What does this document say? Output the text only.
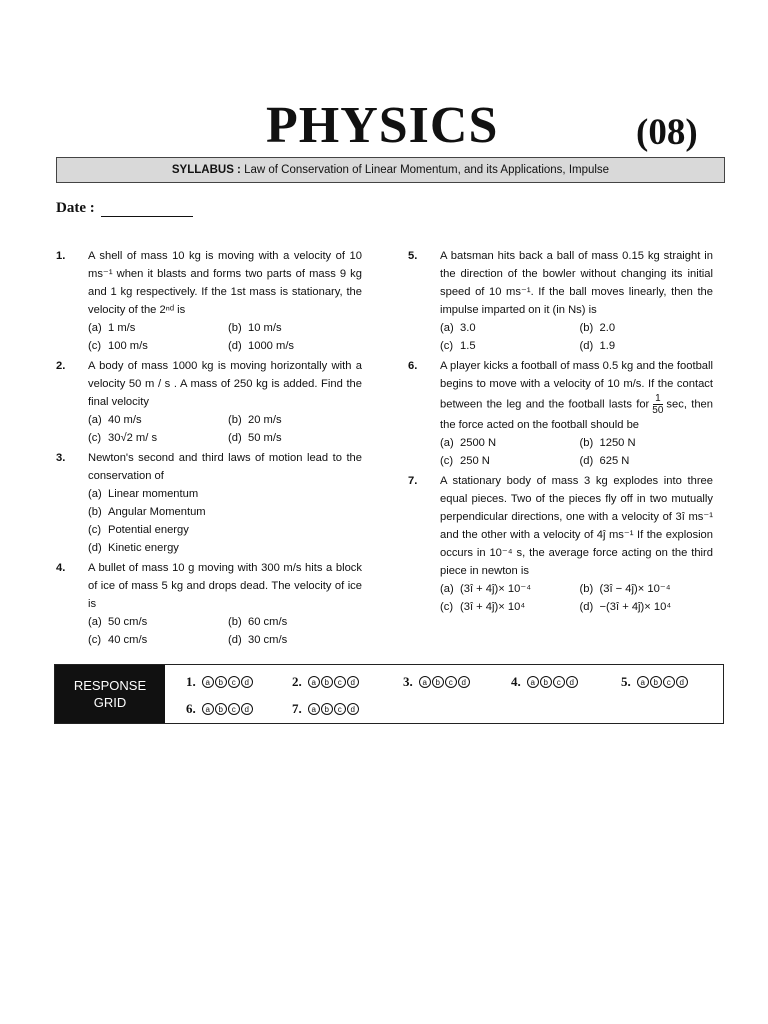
PHYSICS	(08)
SYLLABUS : Law of Conservation of Linear Momentum, and its Applications, Impulse
Date :
1. A shell of mass 10 kg is moving with a velocity of 10 ms⁻¹ when it blasts and forms two parts of mass 9 kg and 1 kg respectively. If the 1st mass is stationary, the velocity of the 2ⁿᵈ is
(a) 1 m/s	(b) 10 m/s
(c) 100 m/s	(d) 1000 m/s
2. A body of mass 1000 kg is moving horizontally with a velocity 50 m / s . A mass of 250 kg is added. Find the final velocity
(a) 40 m/s	(b) 20 m/s
(c) 30√2 m/ s	(d) 50 m/s
3. Newton's second and third laws of motion lead to the conservation of
(a) Linear momentum
(b) Angular Momentum
(c) Potential energy
(d) Kinetic energy
4. A bullet of mass 10 g moving with 300 m/s hits a block of ice of mass 5 kg and drops dead. The velocity of ice is
(a) 50 cm/s	(b) 60 cm/s
(c) 40 cm/s	(d) 30 cm/s
5. A batsman hits back a ball of mass 0.15 kg straight in the direction of the bowler without changing its initial speed of 10 ms⁻¹. If the ball moves linearly, then the impulse imparted on it (in Ns) is
(a) 3.0	(b) 2.0
(c) 1.5	(d) 1.9
6. A player kicks a football of mass 0.5 kg and the football begins to move with a velocity of 10 m/s. If the contact between the leg and the football lasts for $\frac{1}{50} \sec$, then the force acted on the football should be
(a) 2500 N	(b) 1250 N
(c) 250 N	(d) 625 N
7. A stationary body of mass 3 kg explodes into three equal pieces. Two of the pieces fly off in two mutually perpendicular directions, one with a velocity of 3î ms⁻¹ and the other with a velocity of 4ĵ ms⁻¹ If the explosion occurs in 10⁻⁴ s, the average force acting on the third piece in newton is
(a) (3î + 4ĵ)× 10⁻⁴	(b) (3î − 4ĵ)× 10⁻⁴
(c) (3î + 4ĵ)× 10⁴	(d) −(3î + 4ĵ)× 10⁴
RESPONSE
GRID
1.	a	b	c	d	2.	a	b	c	d	3.	a	b	c	d	4.	a	b	c	d	5.	a	b	c	d
6.	a	b	c	d	7.	a	b	c	d
